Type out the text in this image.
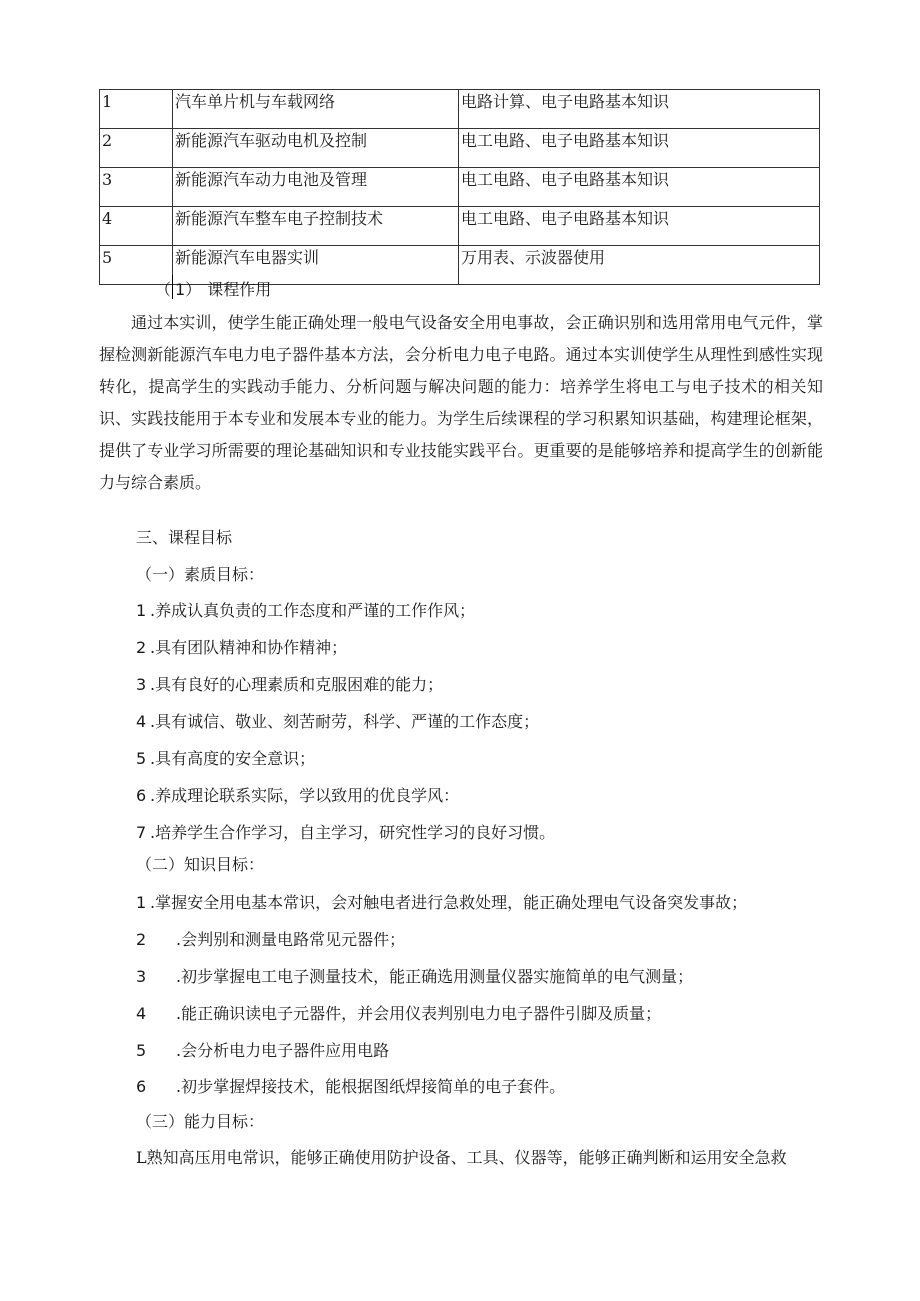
1	汽车单片机与车载网络	电路计算、电子电路基本知识
2	新能源汽车驱动电机及控制	电工电路、电子电路基本知识
3	新能源汽车动力电池及管理	电工电路、电子电路基本知识
4	新能源汽车整车电子控制技术	电工电路、电子电路基本知识
5	新能源汽车电器实训	万用表、示波器使用
（ 1） 课程作用
通过本实训，使学生能正确处理一般电气设备安全用电事故，会正确识别和选用常用电气元件，掌握检测新能源汽车电力电子器件基本方法，会分析电力电子电路。通过本实训使学生从理性到感性实现转化，提高学生的实践动手能力、分析问题与解决问题的能力：培养学生将电工与电子技术的相关知识、实践技能用于本专业和发展本专业的能力。为学生后续课程的学习积累知识基础，构建理论框架，提供了专业学习所需要的理论基础知识和专业技能实践平台。更重要的是能够培养和提高学生的创新能力与综合素质。
三、课程目标
（一）素质目标：
1 .养成认真负责的工作态度和严谨的工作作风；
2 .具有团队精神和协作精神；
3 .具有良好的心理素质和克服困难的能力；
4 .具有诚信、敬业、刻苦耐劳，科学、严谨的工作态度；
5 .具有高度的安全意识；
6 .养成理论联系实际，学以致用的优良学风：
7 .培养学生合作学习，自主学习，研究性学习的良好习惯。
（二）知识目标：
1 .掌握安全用电基本常识，会对触电者进行急救处理，能正确处理电气设备突发事故；
2 .会判别和测量电路常见元器件；
3 .初步掌握电工电子测量技术，能正确选用测量仪器实施简单的电气测量；
4 .能正确识读电子元器件，并会用仪表判别电力电子器件引脚及质量；
5 .会分析电力电子器件应用电路
6 .初步掌握焊接技术，能根据图纸焊接简单的电子套件。
（三）能力目标：
L熟知高压用电常识，能够正确使用防护设备、工具、仪器等，能够正确判断和运用安全急救
